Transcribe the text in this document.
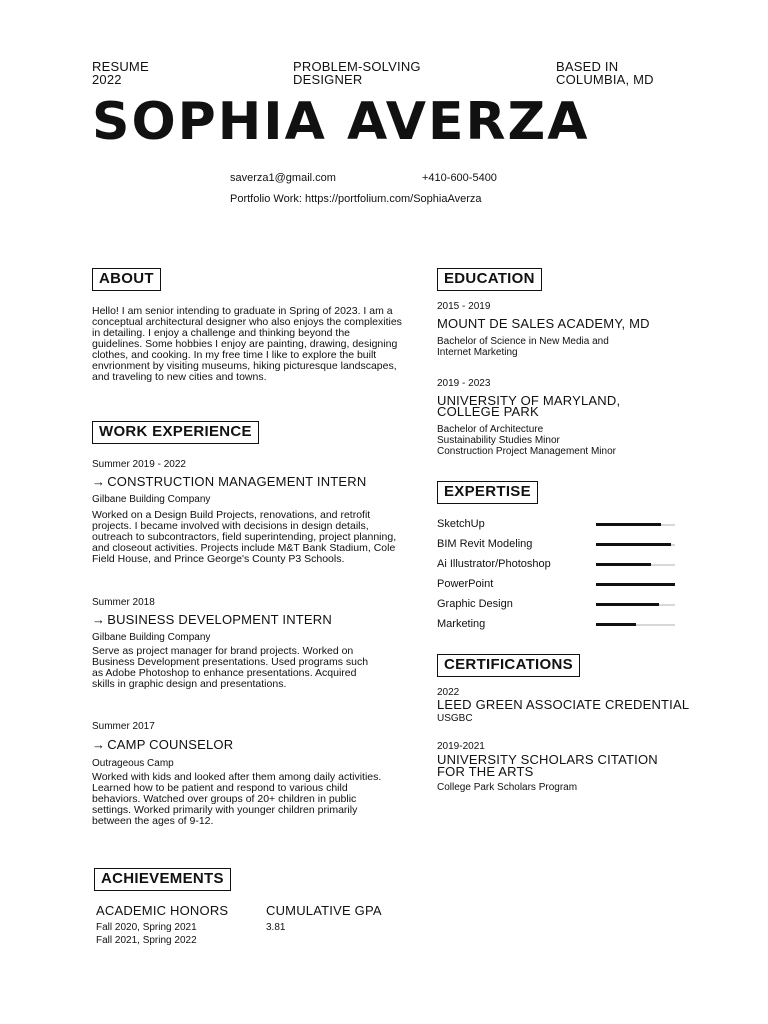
RESUME
2022
PROBLEM-SOLVING
DESIGNER
BASED IN
COLUMBIA, MD
SOPHIA AVERZA
saverza1@gmail.com	+410-600-5400
Portfolio Work: https://portfolium.com/SophiaAverza
ABOUT
Hello! I am senior intending to graduate in Spring of 2023. I am a conceptual architectural designer who also enjoys the complexities in detailing. I enjoy a challenge and thinking beyond the guidelines. Some hobbies I enjoy are painting, drawing, designing clothes, and cooking. In my free time I like to explore the built envrionment by visiting museums, hiking picturesque landscapes, and traveling to new cities and towns.
WORK EXPERIENCE
Summer 2019 - 2022
→ CONSTRUCTION MANAGEMENT INTERN
Gilbane Building Company
Worked on a Design Build Projects, renovations, and retrofit projects. I became involved with decisions in design details, outreach to subcontractors, field superintending, project planning, and closeout activities. Projects include M&T Bank Stadium, Cole Field House, and Prince George's County P3 Schools.
Summer 2018
→ BUSINESS DEVELOPMENT INTERN
Gilbane Building Company
Serve as project manager for brand projects. Worked on Business Development presentations. Used programs such as Adobe Photoshop to enhance presentations. Acquired skills in graphic design and presentations.
Summer 2017
→ CAMP COUNSELOR
Outrageous Camp
Worked with kids and looked after them among daily activities. Learned how to be patient and respond to various child behaviors. Watched over groups of 20+ children in public settings. Worked primarily with younger children primarily between the ages of 9-12.
ACHIEVEMENTS
ACADEMIC HONORS
Fall 2020, Spring 2021
Fall 2021, Spring 2022
CUMULATIVE GPA
3.81
EDUCATION
2015 - 2019
MOUNT DE SALES ACADEMY, MD
Bachelor of Science in New Media and
Internet Marketing
2019 - 2023
UNIVERSITY OF MARYLAND,
COLLEGE PARK
Bachelor of Architecture
Sustainability Studies Minor
Construction Project Management Minor
EXPERTISE
SketchUp
BIM Revit Modeling
Ai Illustrator/Photoshop
PowerPoint
Graphic Design
Marketing
CERTIFICATIONS
2022
LEED GREEN ASSOCIATE CREDENTIAL
USGBC
2019-2021
UNIVERSITY SCHOLARS CITATION
FOR THE ARTS
College Park Scholars Program
